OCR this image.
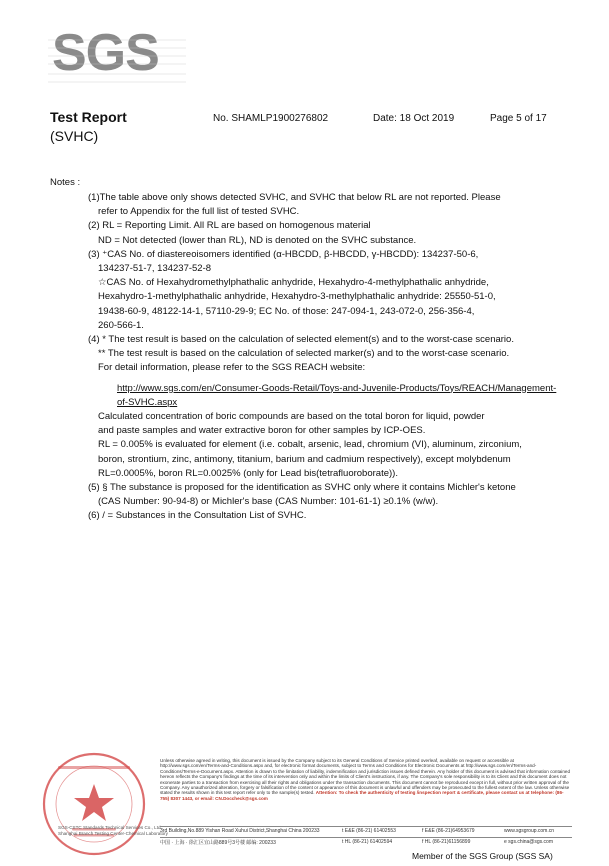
SGS
Test Report
(SVHC)
No. SHAMLP1900276802	Date: 18 Oct 2019	Page 5 of 17
Notes :

(1)The table above only shows detected SVHC, and SVHC that below RL are not reported. Please

refer to Appendix for the full list of tested SVHC.

(2) RL = Reporting Limit. All RL are based on homogenous material

ND = Not detected (lower than RL), ND is denoted on the SVHC substance.

(3) ⁺CAS No. of diastereoisomers identified (α-HBCDD, β-HBCDD, γ-HBCDD): 134237-50-6,

134237-51-7, 134237-52-8

☆CAS No. of Hexahydromethylphathalic anhydride, Hexahydro-4-methylphathalic anhydride,

Hexahydro-1-methylphathalic anhydride, Hexahydro-3-methylphathalic anhydride: 25550-51-0,

19438-60-9, 48122-14-1, 57110-29-9; EC No. of those: 247-094-1, 243-072-0, 256-356-4,

260-566-1.

(4) * The test result is based on the calculation of selected element(s) and to the worst-case scenario.

** The test result is based on the calculation of selected marker(s) and to the worst-case scenario.

For detail information, please refer to the SGS REACH website:

http://www.sgs.com/en/Consumer-Goods-Retail/Toys-and-Juvenile-Products/Toys/REACH/Management-

of-SVHC.aspx

Calculated concentration of boric compounds are based on the total boron for liquid, powder

and paste samples and water extractive boron for other samples by ICP-OES.

RL = 0.005% is evaluated for element (i.e. cobalt, arsenic, lead, chromium (VI), aluminum, zirconium,

boron, strontium, zinc, antimony, titanium, barium and cadmium respectively), except molybdenum

RL=0.0005%, boron RL=0.0025% (only for Lead bis(tetrafluoroborate)).

(5) § The substance is proposed for the identification as SVHC only where it contains Michler's ketone

(CAS Number: 90-94-8) or Michler's base (CAS Number: 101-61-1) ≥0.1% (w/w).

(6) / = Substances in the Consultation List of SVHC.

SGS-CSTC Standards Technical Services Co., Ltd. Shanghai Branch Testing Center-Chemical Laboratory
Unless otherwise agreed in writing, this document is issued by the Company subject to its General Conditions of Service printed overleaf, available on request or accessible at http://www.sgs.com/en/Terms-and-Conditions.aspx and, for electronic format documents, subject to Terms and Conditions for Electronic Documents at http://www.sgs.com/en/Terms-and-Conditions/Terms-e-Document.aspx. Attention is drawn to the limitation of liability, indemnification and jurisdiction issues defined therein. Any holder of this document is advised that information contained hereon reflects the Company's findings at the time of its intervention only and within the limits of Client's instructions, if any. The Company's sole responsibility is to its Client and this document does not exonerate parties to a transaction from exercising all their rights and obligations under the transaction documents. This document cannot be reproduced except in full, without prior written approval of the Company. Any unauthorized alteration, forgery or falsification of the content or appearance of this document is unlawful and offenders may be prosecuted to the fullest extent of the law. Unless otherwise stated the results shown in this test report refer only to the sample(s) tested. Attention: To check the authenticity of testing /inspection report & certificate, please contact us at telephone: (86-755) 8307 1443, or email: CN.Doccheck@sgs.com
3rd Building,No.889 Yishan Road Xuhui District,Shanghai China 200233	t E&E (86-21) 61402553	f E&E (86-21)64953679	www.sgsgroup.com.cn
中国 · 上海 · 徐汇区宜山路889号3号楼 邮编: 200233	t HL (86-21) 61402594	f HL (86-21)61156899	e sgs.china@sgs.com
Member of the SGS Group (SGS SA)
